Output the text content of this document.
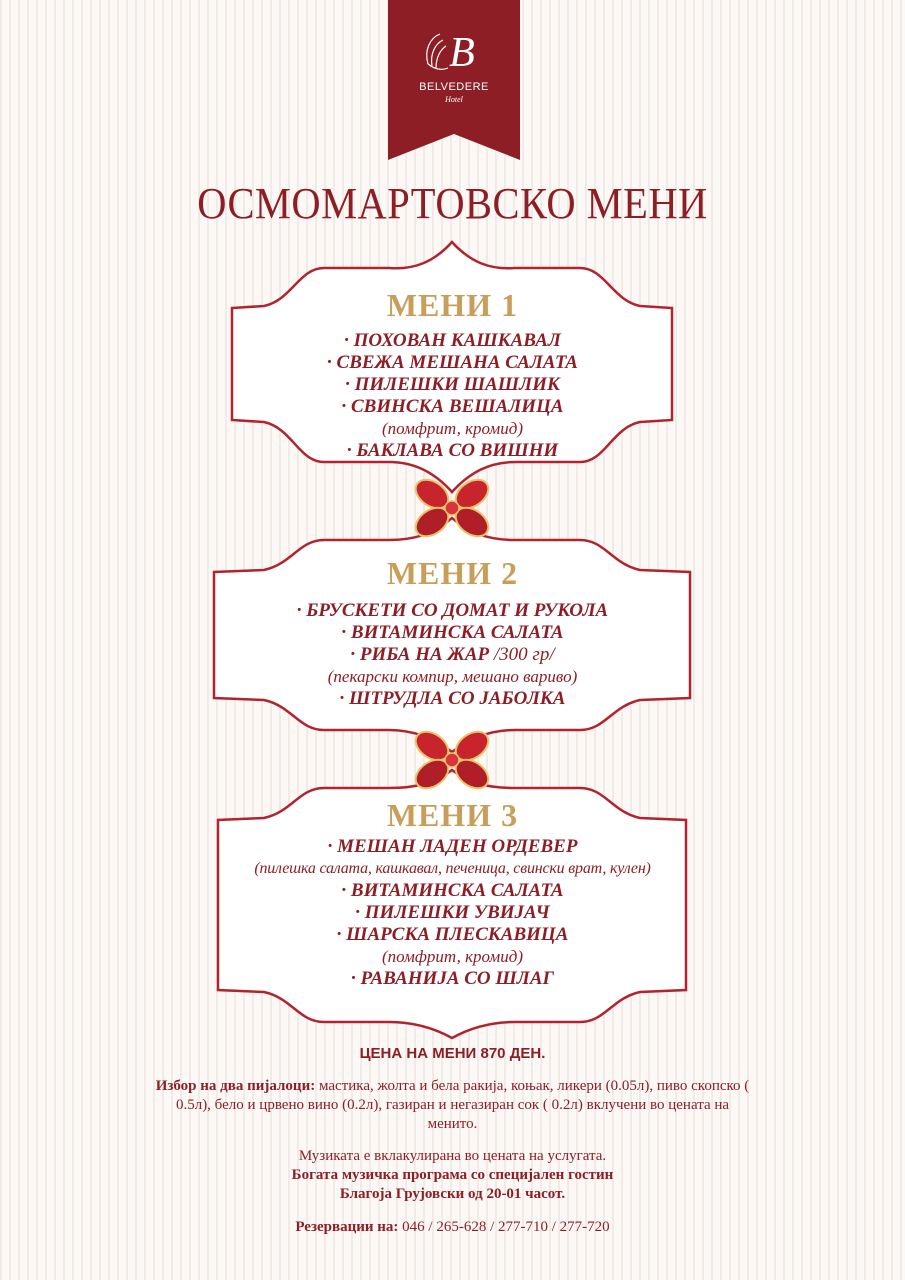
B
BELVEDERE
Hotel
ОСМОМАРТОВСКО МЕНИ
МЕНИ 1
· ПОХОВАН КАШКАВАЛ
· СВЕЖА МЕШАНА САЛАТА
· ПИЛЕШКИ ШАШЛИК
· СВИНСКА ВЕШАЛИЦА
(помфрит, кромид)
· БАКЛАВА СО ВИШНИ
МЕНИ 2
· БРУСКЕТИ СО ДОМАТ И РУКОЛА
· ВИТАМИНСКА САЛАТА
· РИБА НА ЖАР /300 гр/
(пекарски компир, мешано вариво)
· ШТРУДЛА СО ЈАБОЛКА
МЕНИ 3
· МЕШАН ЛАДЕН ОРДЕВЕР
(пилешка салата, кашкавал, печеница, свински врат, кулен)
· ВИТАМИНСКА САЛАТА
· ПИЛЕШКИ УВИЈАЧ
· ШАРСКА ПЛЕСКАВИЦА
(помфрит, кромид)
· РАВАНИЈА СО ШЛАГ
ЦЕНА НА МЕНИ 870 ДЕН.
Избор на два пијалоци: мастика, жолта и бела ракија, коњак, ликери (0.05л), пиво скопско ( 0.5л), бело и црвено вино (0.2л), газиран и негазиран сок ( 0.2л) вклучени во цената на менито.
Музиката е вклакулирана во цената на услугата.
Богата музичка програма со специјален гостин
Благоја Грујовски од 20-01 часот.
Резервации на: 046 / 265-628 / 277-710 / 277-720
